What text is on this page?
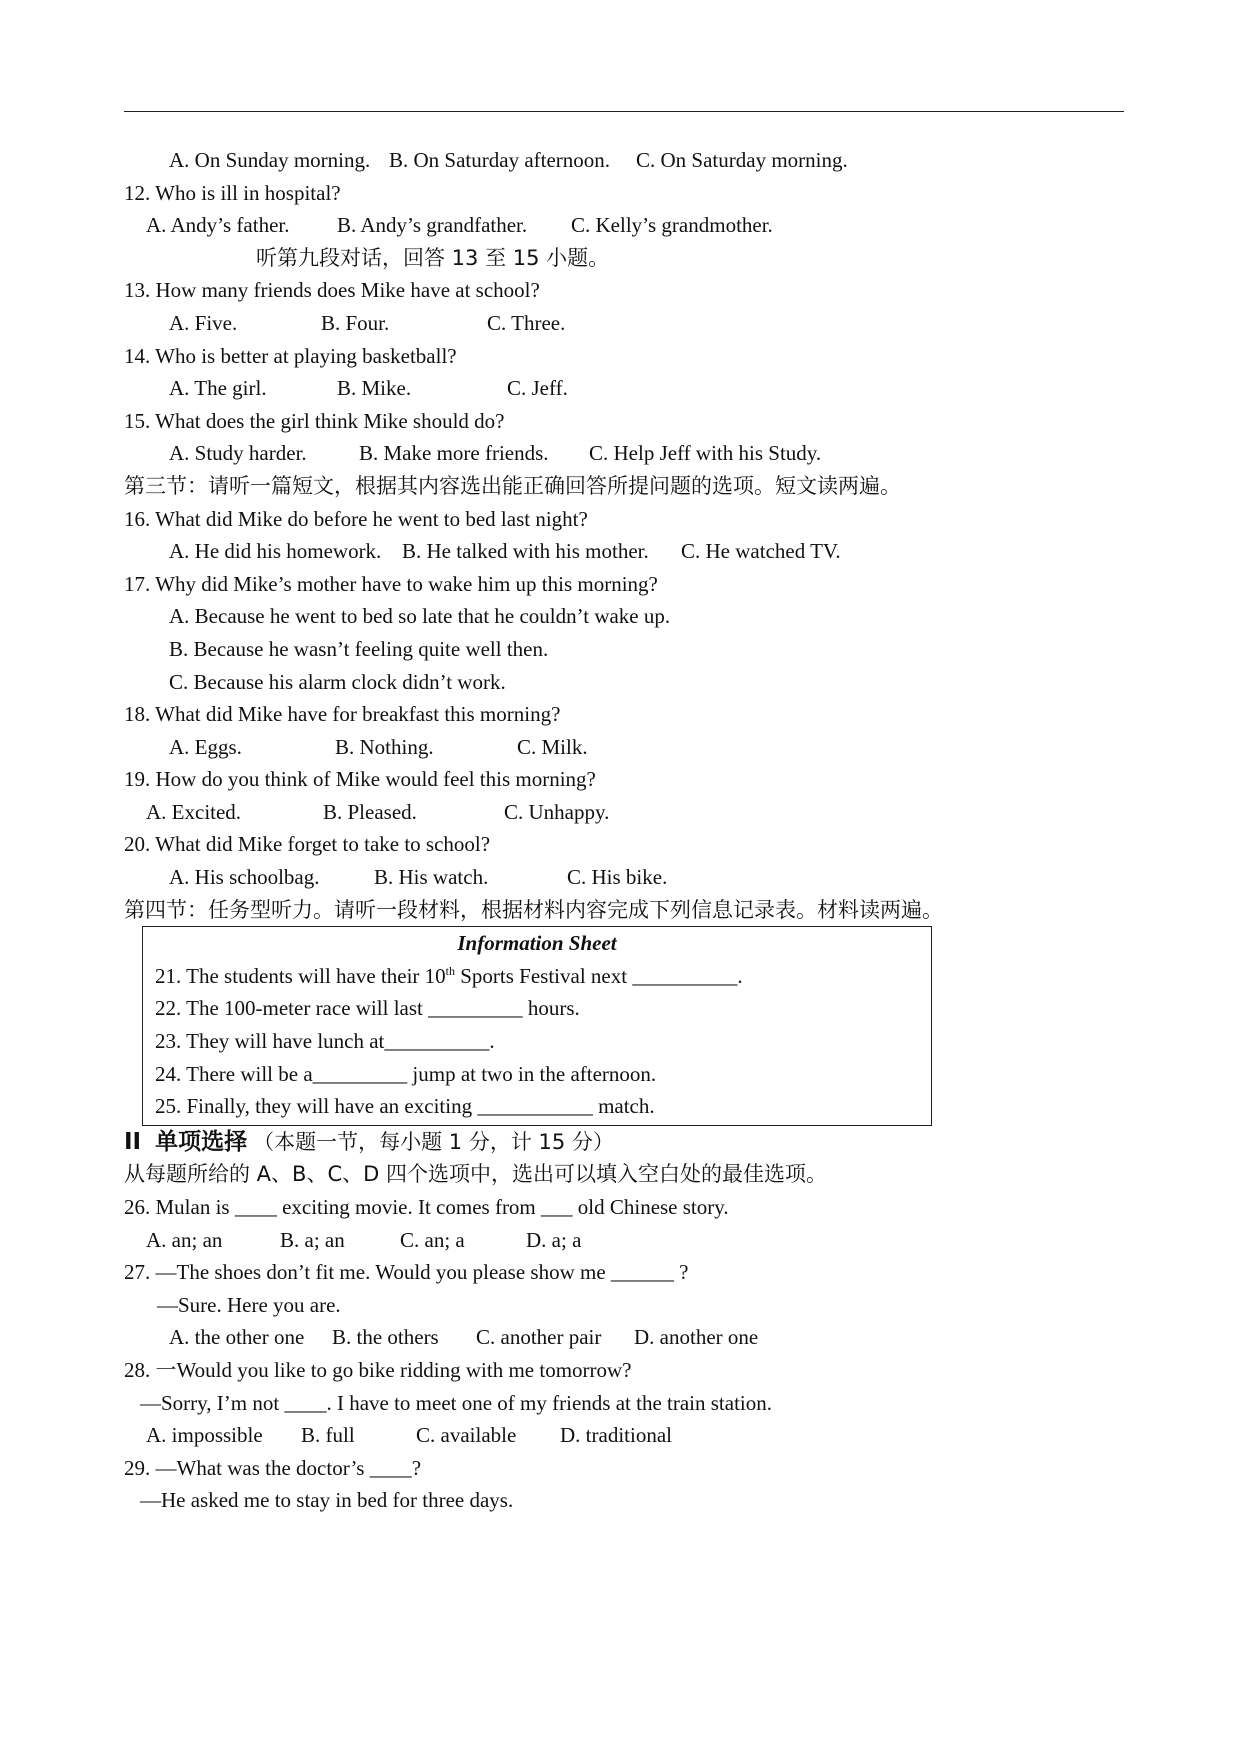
A. On Sunday morning. B. On Saturday afternoon. C. On Saturday morning.
12. Who is ill in hospital?
A. Andy’s father. B. Andy’s grandfather. C. Kelly’s grandmother.
听第九段对话，回答 13 至 15 小题。
13. How many friends does Mike have at school?
A. Five.	B. Four.	C. Three.
14. Who is better at playing basketball?
A. The girl.	B. Mike.	C. Jeff.
15. What does the girl think Mike should do?
A. Study harder. B. Make more friends. C. Help Jeff with his Study.
第三节：请听一篇短文，根据其内容选出能正确回答所提问题的选项。短文读两遍。
16. What did Mike do before he went to bed last night?
A. He did his homework. B. He talked with his mother. C. He watched TV.
17. Why did Mike’s mother have to wake him up this morning?
A. Because he went to bed so late that he couldn’t wake up.
B. Because he wasn’t feeling quite well then.
C. Because his alarm clock didn’t work.
18. What did Mike have for breakfast this morning?
A. Eggs.	B. Nothing.	C. Milk.
19. How do you think of Mike would feel this morning?
A. Excited.	B. Pleased.	C. Unhappy.
20. What did Mike forget to take to school?
A. His schoolbag.	B. His watch.	C. His bike.
第四节：任务型听力。请听一段材料，根据材料内容完成下列信息记录表。材料读两遍。
Information Sheet
21. The students will have their 10th Sports Festival next __________.
22. The 100-meter race will last _________ hours.
23. They will have lunch at__________.
24. There will be a_________ jump at two in the afternoon.
25. Finally, they will have an exciting ___________ match.
II 单项选择 （本题一节，每小题 1 分，计 15 分）
从每题所给的 A、B、C、D 四个选项中，选出可以填入空白处的最佳选项。
26. Mulan is ____ exciting movie. It comes from ___ old Chinese story.
A. an; an	B. a; an	C. an; a	D. a; a
27. —The shoes don’t fit me. Would you please show me ______ ?
—Sure. Here you are.
A. the other one B. the others C. another pair D. another one
28. 一Would you like to go bike ridding with me tomorrow?
—Sorry, I’m not ____. I have to meet one of my friends at the train station.
A. impossible B. full	C. available D. traditional
29. —What was the doctor’s ____?
—He asked me to stay in bed for three days.
